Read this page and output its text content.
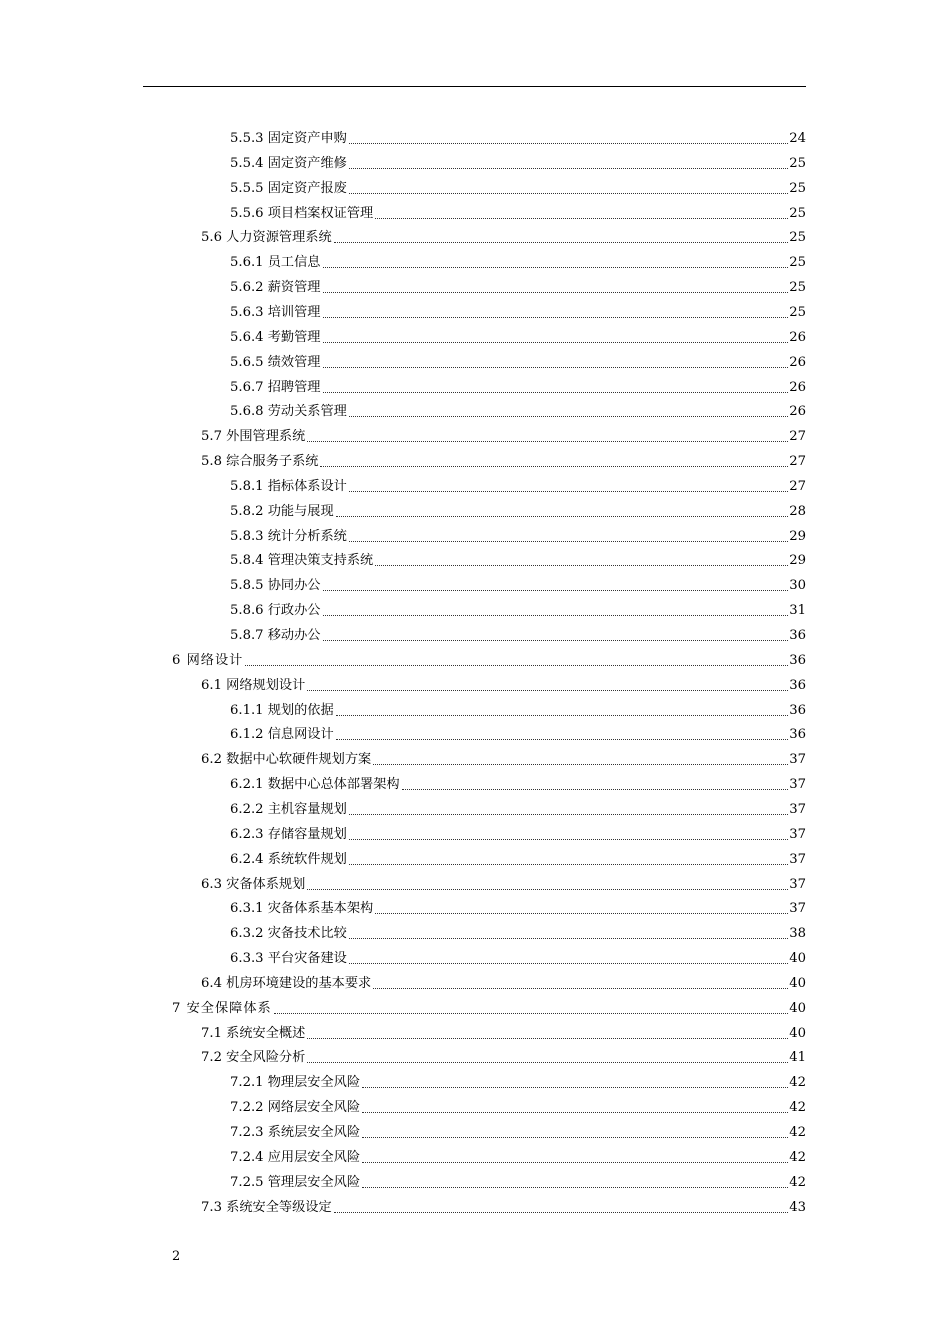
5.5.3 固定资产申购	24
5.5.4 固定资产维修	25
5.5.5 固定资产报废	25
5.5.6 项目档案权证管理	25
5.6 人力资源管理系统	25
5.6.1 员工信息	25
5.6.2 薪资管理	25
5.6.3 培训管理	25
5.6.4 考勤管理	26
5.6.5 绩效管理	26
5.6.7 招聘管理	26
5.6.8 劳动关系管理	26
5.7 外围管理系统	27
5.8 综合服务子系统	27
5.8.1 指标体系设计	27
5.8.2 功能与展现	28
5.8.3 统计分析系统	29
5.8.4 管理决策支持系统	29
5.8.5 协同办公	30
5.8.6 行政办公	31
5.8.7 移动办公	36
6 网络设计	36
6.1 网络规划设计	36
6.1.1 规划的依据	36
6.1.2 信息网设计	36
6.2 数据中心软硬件规划方案	37
6.2.1 数据中心总体部署架构	37
6.2.2 主机容量规划	37
6.2.3 存储容量规划	37
6.2.4 系统软件规划	37
6.3 灾备体系规划	37
6.3.1 灾备体系基本架构	37
6.3.2 灾备技术比较	38
6.3.3 平台灾备建设	40
6.4 机房环境建设的基本要求	40
7 安全保障体系	40
7.1 系统安全概述	40
7.2 安全风险分析	41
7.2.1 物理层安全风险	42
7.2.2 网络层安全风险	42
7.2.3 系统层安全风险	42
7.2.4 应用层安全风险	42
7.2.5 管理层安全风险	42
7.3 系统安全等级设定	43
2
